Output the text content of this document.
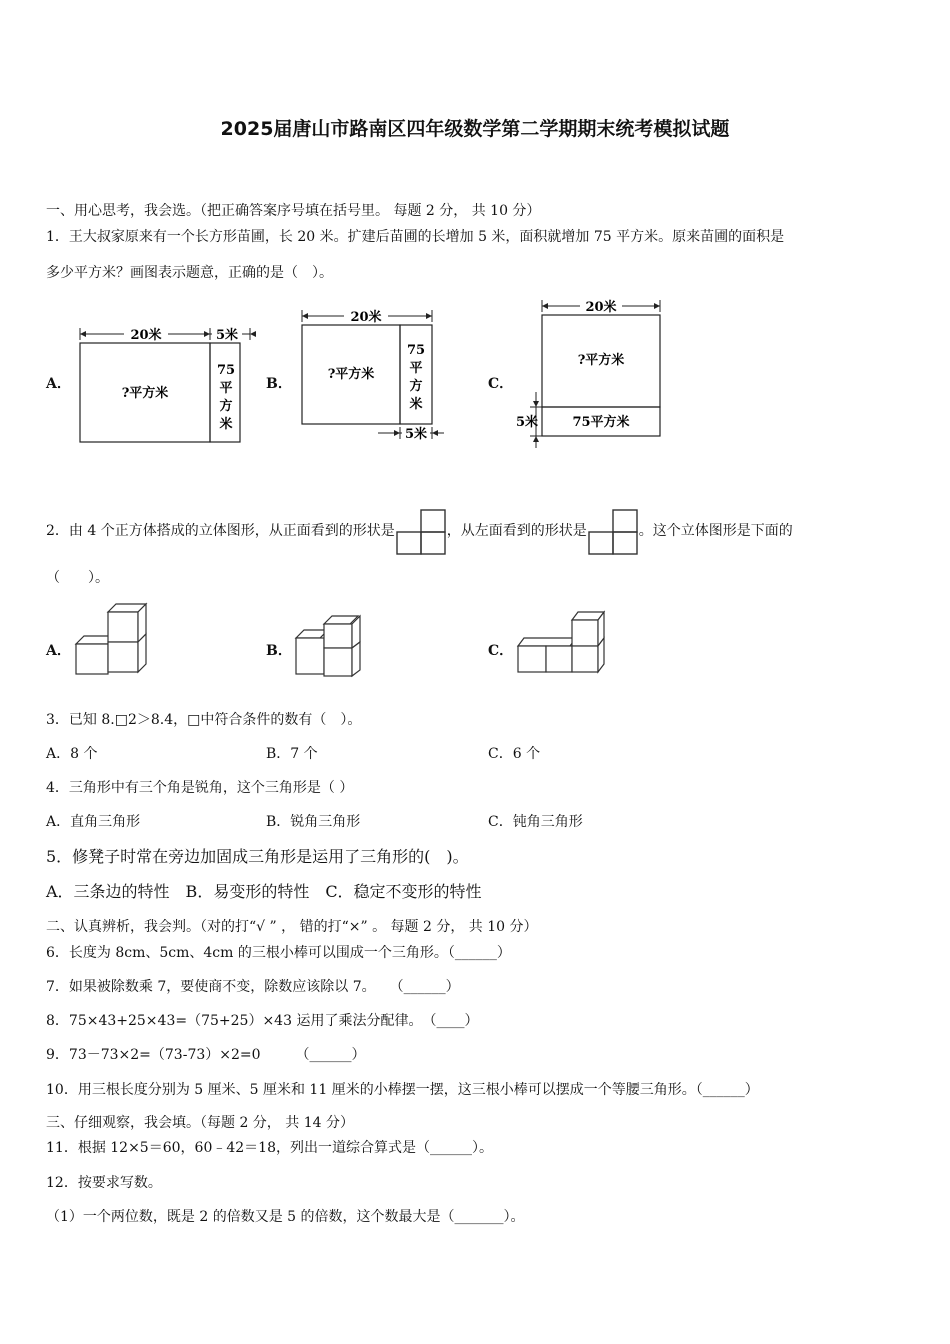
2025届唐山市路南区四年级数学第二学期期末统考模拟试题
一、用心思考，我会选。（把正确答案序号填在括号里。 每题 2 分， 共 10 分）
1．王大叔家原来有一个长方形苗圃，长 20 米。扩建后苗圃的长增加 5 米，面积就增加 75 平方米。原来苗圃的面积是
多少平方米？画图表示题意，正确的是（　）。
A．
20米	5米
?平方米
75
平
方
米
B．
20米
?平方米
75
平
方
米
5米
C．
20米
?平方米
75平方米
5米
2．由 4 个正方体搭成的立体图形，从正面看到的形状是	，从左面看到的形状是	。这个立体图形是下面的
（　　）。
A．	B．	C．
3．已知 8.□2＞8.4，□中符合条件的数有（　）。
A．8 个	B．7 个	C．6 个
4．三角形中有三个角是锐角，这个三角形是（ ）
A．直角三角形	B．锐角三角形	C．钝角三角形
5．修凳子时常在旁边加固成三角形是运用了三角形的(　)。
A．三条边的特性　B．易变形的特性　C．稳定不变形的特性
二、认真辨析，我会判。（对的打“√ ” ， 错的打“×” 。 每题 2 分， 共 10 分）
6．长度为 8cm、5cm、4cm 的三根小棒可以围成一个三角形。（______）
7．如果被除数乘 7，要使商不变，除数应该除以 7。　　（______）
8．75×43+25×43=（75+25）×43 运用了乘法分配律。　（____）
9．73－73×2=（73-73）×2=0　　　（______）
10．用三根长度分别为 5 厘米、5 厘米和 11 厘米的小棒摆一摆，这三根小棒可以摆成一个等腰三角形。（______）
三、仔细观察，我会填。（每题 2 分， 共 14 分）
11．根据 12×5＝60，60﹣42＝18，列出一道综合算式是（______）。
12．按要求写数。
（1）一个两位数，既是 2 的倍数又是 5 的倍数，这个数最大是（_______）。
